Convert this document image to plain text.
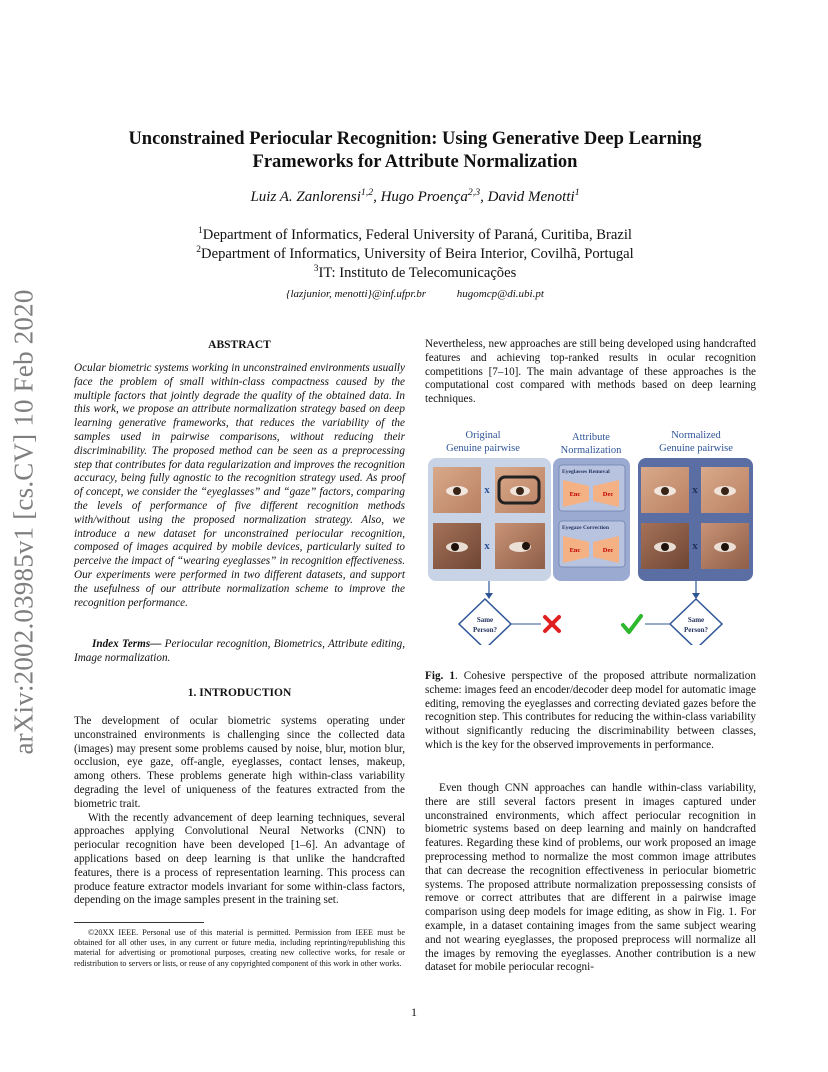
Unconstrained Periocular Recognition: Using Generative Deep Learning
Frameworks for Attribute Normalization
Luiz A. Zanlorensi$^{1,2}$, Hugo Proença$^{2,3}$, David Menotti$^1$
$^1$Department of Informatics, Federal University of Paraná, Curitiba, Brazil
$^2$Department of Informatics, University of Beira Interior, Covilhã, Portugal
$^3$IT: Instituto de Telecomunicações
{lazjunior, menotti}@inf.ufpr.br	hugomcp@di.ubi.pt
arXiv:2002.03985v1 [cs.CV] 10 Feb 2020	ABSTRACT
Ocular biometric systems working in unconstrained environments usually face the problem of small within-class compactness caused by the multiple factors that jointly degrade the quality of the obtained data. In this work, we propose an attribute normalization strategy based on deep learning generative frameworks, that reduces the variability of the samples used in pairwise comparisons, without reducing their discriminability. The proposed method can be seen as a preprocessing step that contributes for data regularization and improves the recognition accuracy, being fully agnostic to the recognition strategy used. As proof of concept, we consider the “eyeglasses” and “gaze” factors, comparing the levels of performance of five different recognition methods with/without using the proposed normalization strategy. Also, we introduce a new dataset for unconstrained periocular recognition, composed of images acquired by mobile devices, particularly suited to perceive the impact of “wearing eyeglasses” in recognition effectiveness. Our experiments were performed in two different datasets, and support the usefulness of our attribute normalization scheme to improve the recognition performance.
Index Terms— Periocular recognition, Biometrics, Attribute editing, Image normalization.
1. INTRODUCTION

The development of ocular biometric systems operating under unconstrained environments is challenging since the collected data (images) may present some problems caused by noise, blur, motion blur, occlusion, eye gaze, off-angle, eyeglasses, contact lenses, makeup, among others. These problems generate high within-class variability degrading the level of uniqueness of the features extracted from the biometric trait.

With the recently advancement of deep learning techniques, several approaches applying Convolutional Neural Networks (CNN) to periocular recognition have been developed [1–6]. An advantage of applications based on deep learning is that unlike the handcrafted features, there is a process of representation learning. This process can produce feature extractor models invariant for some within-class factors, depending on the image samples present in the training set.

©20XX IEEE. Personal use of this material is permitted. Permission from IEEE must be obtained for all other uses, in any current or future media, including reprinting/republishing this material for advertising or promotional purposes, creating new collective works, for resale or redistribution to servers or lists, or reuse of any copyrighted component of this work in other works.
Nevertheless, new approaches are still being developed using handcrafted features and achieving top-ranked results in ocular recognition competitions [7–10]. The main advantage of these approaches is the computational cost compared with methods based on deep learning techniques.
Original
Genuine pairwise
Attribute
Normalization
Normalized
Genuine pairwise
x
x
Eyeglasses Removal
Enc	Dec
Eyegaze Correction
Enc	Dec
x
x
Same
Person?
Same
Person?
Fig. 1. Cohesive perspective of the proposed attribute normalization scheme: images feed an encoder/decoder deep model for automatic image editing, removing the eyeglasses and correcting deviated gazes before the recognition step. This contributes for reducing the within-class variability without significantly reducing the discriminability between classes, which is the key for the observed improvements in performance.
Even though CNN approaches can handle within-class variability, there are still several factors present in images captured under unconstrained environments, which affect periocular recognition in biometric systems based on deep learning and mainly on handcrafted features. Regarding these kind of problems, our work proposed an image preprocessing method to normalize the most common image attributes that can decrease the recognition effectiveness in periocular biometric systems. The proposed attribute normalization prepossessing consists of remove or correct attributes that are different in a pairwise image comparison using deep models for image editing, as show in Fig. 1. For example, in a dataset containing images from the same subject wearing and not wearing eyeglasses, the proposed preprocess will normalize all the images by removing the eyeglasses. Another contribution is a new dataset for mobile periocular recogni-
1
